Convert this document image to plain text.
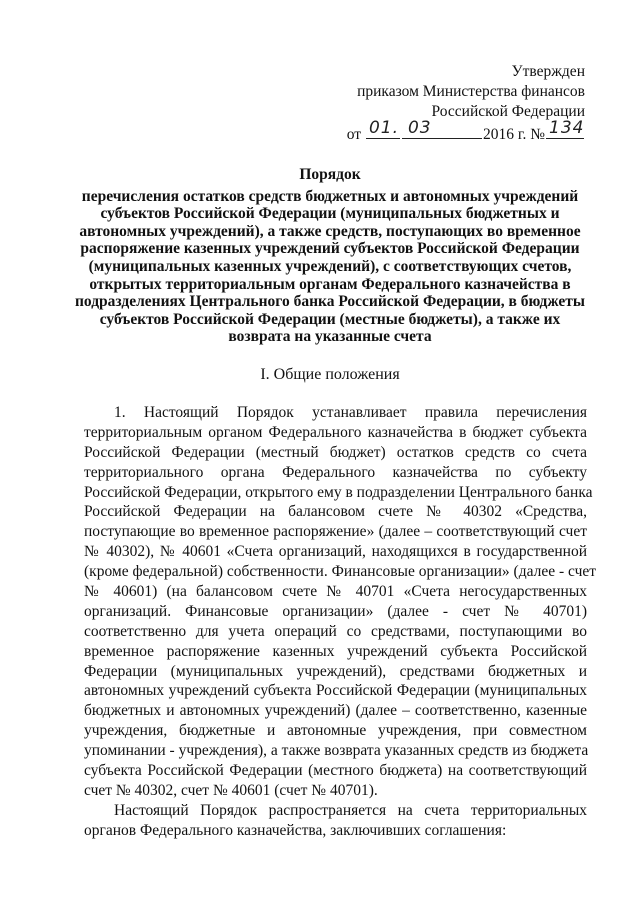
Утвержден
приказом Министерства финансов
Российской Федерации
от 01. 03	2016 г. № 134
Порядок
перечисления остатков средств бюджетных и автономных учреждений
субъектов Российской Федерации (муниципальных бюджетных и
автономных учреждений), а также средств, поступающих во временное
распоряжение казенных учреждений субъектов Российской Федерации
(муниципальных казенных учреждений), с соответствующих счетов,
открытых территориальным органам Федерального казначейства в
подразделениях Центрального банка Российской Федерации, в бюджеты
субъектов Российской Федерации (местные бюджеты), а также их
возврата на указанные счета
I. Общие положения
1. Настоящий Порядок устанавливает правила перечисления
территориальным органом Федерального казначейства в бюджет субъекта
Российской Федерации (местный бюджет) остатков средств со счета
территориального органа Федерального казначейства по субъекту
Российской Федерации, открытого ему в подразделении Центрального банка
Российской Федерации на балансовом счете № 40302 «Средства,
поступающие во временное распоряжение» (далее – соответствующий счет
№ 40302), № 40601 «Счета организаций, находящихся в государственной
(кроме федеральной) собственности. Финансовые организации» (далее - счет
№ 40601) (на балансовом счете № 40701 «Счета негосударственных
организаций. Финансовые организации» (далее - счет № 40701)
соответственно для учета операций со средствами, поступающими во
временное распоряжение казенных учреждений субъекта Российской
Федерации (муниципальных учреждений), средствами бюджетных и
автономных учреждений субъекта Российской Федерации (муниципальных
бюджетных и автономных учреждений) (далее – соответственно, казенные
учреждения, бюджетные и автономные учреждения, при совместном
упоминании - учреждения), а также возврата указанных средств из бюджета
субъекта Российской Федерации (местного бюджета) на соответствующий
счет № 40302, счет № 40601 (счет № 40701).
Настоящий Порядок распространяется на счета территориальных
органов Федерального казначейства, заключивших соглашения:
